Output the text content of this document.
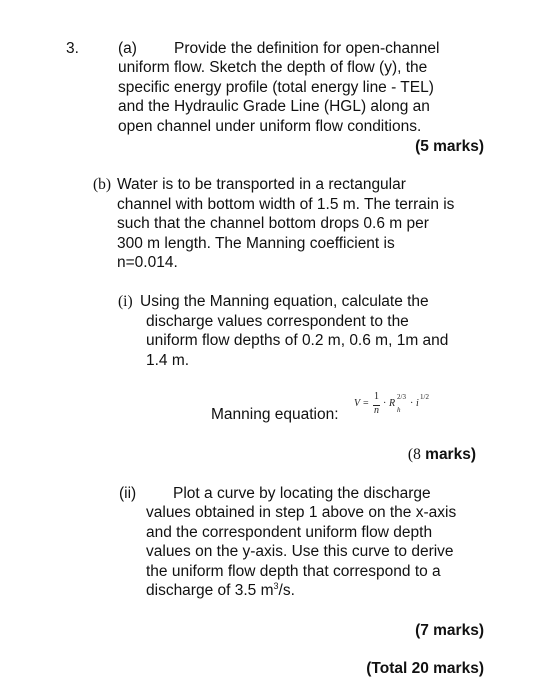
3.	(a) Provide the definition for open-channel
uniform flow. Sketch the depth of flow (y), the
specific energy profile (total energy line - TEL)
and the Hydraulic Grade Line (HGL) along an
open channel under uniform flow conditions.
(5 marks)
(b) Water is to be transported in a rectangular
channel with bottom width of 1.5 m. The terrain is
such that the channel bottom drops 0.6 m per
300 m length. The Manning coefficient is
n=0.014.
(i) Using the Manning equation, calculate the
discharge values correspondent to the
uniform flow depths of 0.2 m, 0.6 m, 1m and
1.4 m.
Manning equation:
V =
1
n
· R
2/3
h
· i
1/2
(8 marks)
(ii) Plot a curve by locating the discharge
values obtained in step 1 above on the x-axis
and the correspondent uniform flow depth
values on the y-axis. Use this curve to derive
the uniform flow depth that correspond to a
discharge of 3.5 $m^3/s$.
(7 marks)
(Total 20 marks)
